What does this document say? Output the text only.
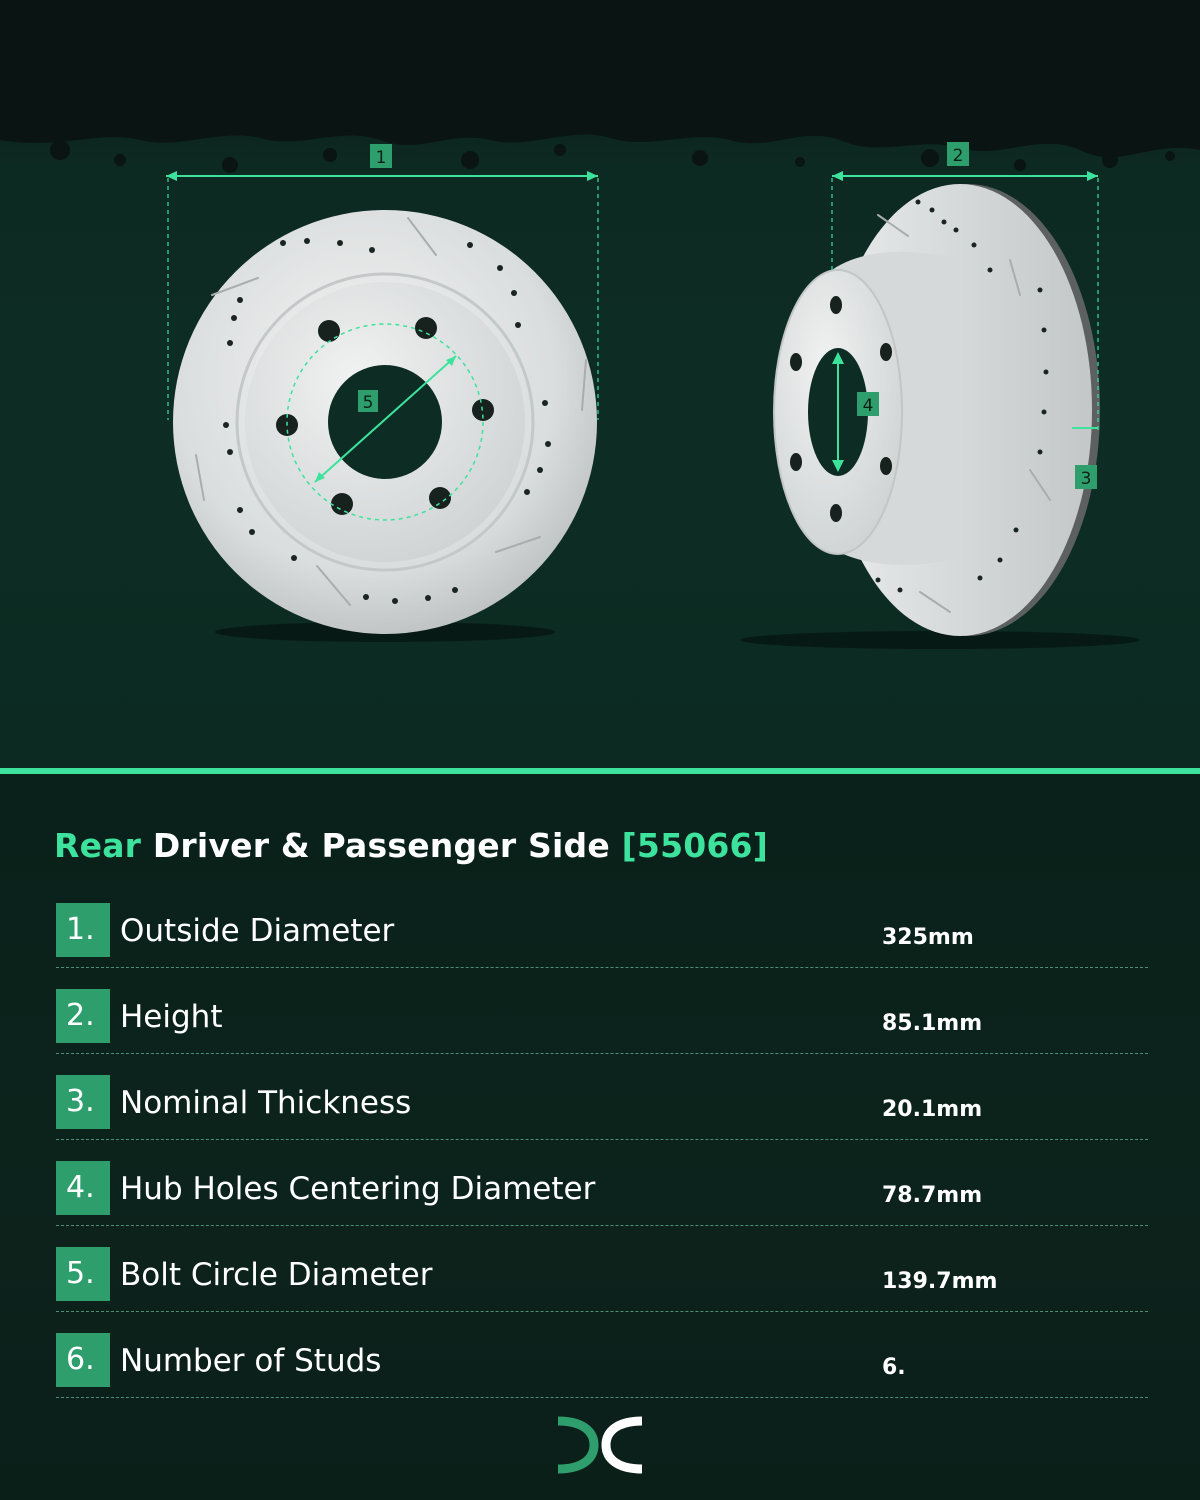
5
1
4
2
3
Rear Driver & Passenger Side [55066]
1. Outside Diameter	325mm
2. Height	85.1mm
3. Nominal Thickness	20.1mm
4. Hub Holes Centering Diameter	78.7mm
5. Bolt Circle Diameter	139.7mm
6. Number of Studs	6.
